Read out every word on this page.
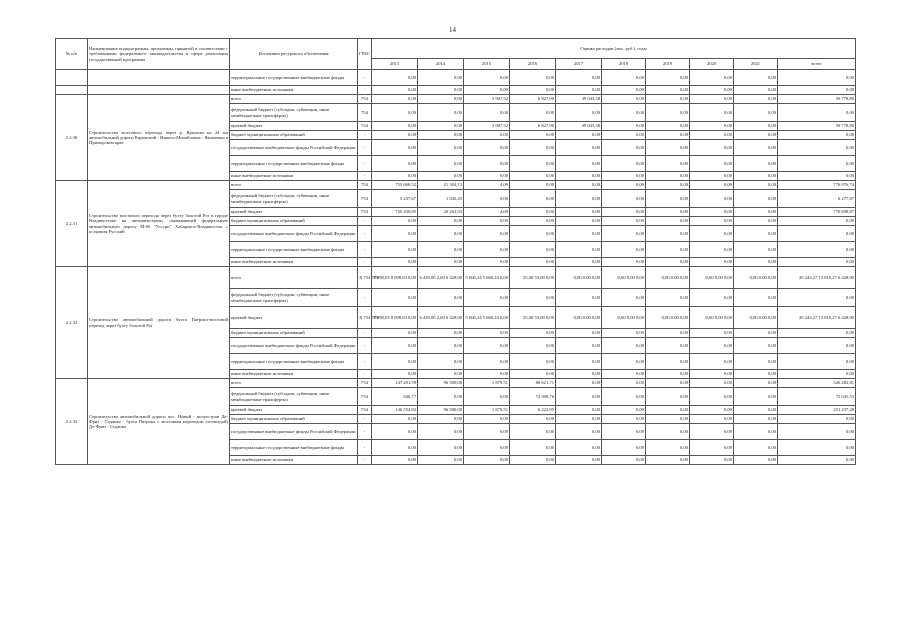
14
№ п/п	Наименование подпрограммы, программы, принятой в соответствии с требованиями федерального законодательства в сфере реализации государственной программы	Источники ресурсного обеспечения	ГРБС	Оценка расходов (тыс. руб.), годы									
				2013	2014	2015	2016	2017	2018	2019	2020	2021	всего
		территориальные государственные внебюджетные фонды	-	0,00	0,00	0,00	0,00	0,00	0,00	0,00	0,00	0,00	0,00
		иные внебюджетные источники	-	0,00	0,00	0,00	0,00	0,00	0,00	0,00	0,00	0,00	0,00
2.2.30	Строительство мостового перехода через р. Крылова на 24 км автомобильной дороги Кировский - Николо-Михайловка - Яковлевка в Приморском крае	всего	754	0,00	0,00	3 907,52	6 827,90	49 043,38	0,00	0,00	0,00	0,00	59 778,80
		федеральный бюджет (субсидии, субвенции, иные межбюджетные трансферты)	754	0,00	0,00	0,00	0,00	0,00	0,00	0,00	0,00	0,00	0,00
		краевой бюджет	754	0,00	0,00	3 907,52	6 827,90	49 043,38	0,00	0,00	0,00	0,00	59 778,80
		бюджет муниципальных образований	-	0,00	0,00	0,00	0,00	0,00	0,00	0,00	0,00	0,00	0,00
		государственные внебюджетные фонды Российской Федерации	-	0,00	0,00	0,00	0,00	0,00	0,00	0,00	0,00	0,00	0,00
		территориальные государственные внебюджетные фонды	-	0,00	0,00	0,00	0,00	0,00	0,00	0,00	0,00	0,00	0,00
		иные внебюджетные источники	-	0,00	0,00	0,00	0,00	0,00	0,00	0,00	0,00	0,00	0,00
2.2.31	Строительство мостового перехода через бухту Золотой Рог в городе Владивостоке на автомагистрали, связывающей федеральную автомобильную дорогу М-60 "Уссури" Хабаровск-Владивосток с островом Русский	всего	754	755 668,52	21 304,13	4,09	0,00	0,00	0,00	0,00	0,00	0,00	776 976,74
		федеральный бюджет (субсидии, субвенции, иные межбюджетные трансферты)	754	5 237,67	1 040,20	0,00	0,00	0,00	0,00	0,00	0,00	0,00	6 277,87
		краевой бюджет	754	750 430,85	20 263,93	4,09	0,00	0,00	0,00	0,00	0,00	0,00	770 698,87
		бюджет муниципальных образований	-	0,00	0,00	0,00	0,00	0,00	0,00	0,00	0,00	0,00	0,00
		государственные внебюджетные фонды Российской Федерации	-	0,00	0,00	0,00	0,00	0,00	0,00	0,00	0,00	0,00	0,00
		территориальные государственные внебюджетные фонды	-	0,00	0,00	0,00	0,00	0,00	0,00	0,00	0,00	0,00	0,00
		иные внебюджетные источники	-	0,00	0,00	0,00	0,00	0,00	0,00	0,00	0,00	0,00	0,00
2.2.32	Строительство автомобильной дороги бухта Патрокл-мостовой переход через бухту Золотой Рог	всего	Х 754 779	8 098,03 8 098,03 0,00	6 430,00 2,00 6 428,00	5 660,24 5 660,24 0,00	55,00 55,00 0,00	0,00 0,00 0,00	0,00 0,00 0,00	0,00 0,00 0,00	0,00 0,00 0,00	0,00 0,00 0,00	20 243,27 13 815,27 6 428,00
		федеральный бюджет (субсидии, субвенции, иные межбюджетные трансферты)	-	0,00	0,00	0,00	0,00	0,00	0,00	0,00	0,00	0,00	0,00
		краевой бюджет	Х 754 779	8 098,03 8 098,03 0,00	6 430,00 2,00 6 428,00	5 660,24 5 660,24 0,00	55,00 55,00 0,00	0,00 0,00 0,00	0,00 0,00 0,00	0,00 0,00 0,00	0,00 0,00 0,00	0,00 0,00 0,00	20 243,27 13 815,27 6 428,00
		бюджет муниципальных образований	-	0,00	0,00	0,00	0,00	0,00	0,00	0,00	0,00	0,00	0,00
		государственные внебюджетные фонды Российской Федерации	-	0,00	0,00	0,00	0,00	0,00	0,00	0,00	0,00	0,00	0,00
		территориальные государственные внебюджетные фонды	-	0,00	0,00	0,00	0,00	0,00	0,00	0,00	0,00	0,00	0,00
		иные внебюджетные источники	-	0,00	0,00	0,00	0,00	0,00	0,00	0,00	0,00	0,00	0,00
2.2.33	Строительство автомобильной дороги пос. Новый - полуостров Де-Фриз - Седанка - бухта Патрокл с мостовым переходом (эстакадой) Де-Фриз - Седанка	всего	754	147 201,59	96 580,00	1 879,51	80 621,71	0,00	0,00	0,00	0,00	0,00	326 282,81
		федеральный бюджет (субсидии, субвенции, иные межбюджетные трансферты)	754	646,77	0,00	0,00	74 398,76	0,00	0,00	0,00	0,00	0,00	75 045,53
		краевой бюджет	754	146 554,82	96 580,00	1 879,51	6 222,95	0,00	0,00	0,00	0,00	0,00	251 237,28
		бюджет муниципальных образований	-	0,00	0,00	0,00	0,00	0,00	0,00	0,00	0,00	0,00	0,00
		государственные внебюджетные фонды Российской Федерации	-	0,00	0,00	0,00	0,00	0,00	0,00	0,00	0,00	0,00	0,00
		территориальные государственные внебюджетные фонды	-	0,00	0,00	0,00	0,00	0,00	0,00	0,00	0,00	0,00	0,00
		иные внебюджетные источники	-	0,00	0,00	0,00	0,00	0,00	0,00	0,00	0,00	0,00	0,00
